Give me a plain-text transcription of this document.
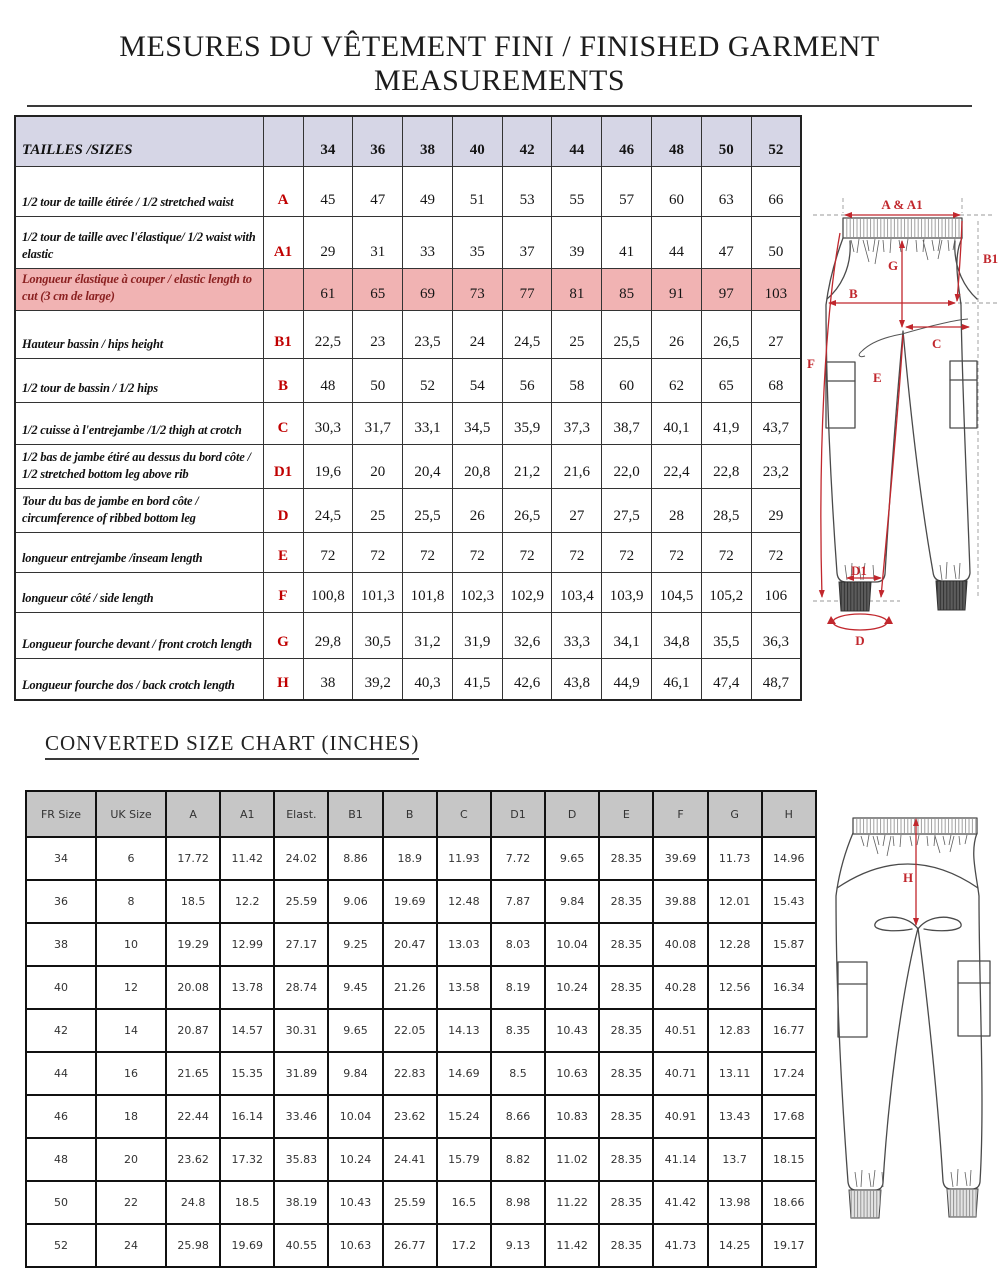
MESURES DU VÊTEMENT FINI / FINISHED GARMENT MEASUREMENTS
TAILLES /SIZES		34	36	38	40	42	44	46	48	50	52
1/2 tour de taille étirée / 1/2 stretched waist	A	45	47	49	51	53	55	57	60	63	66
1/2 tour de taille avec l'élastique/ 1/2 waist with elastic	A1	29	31	33	35	37	39	41	44	47	50
Longueur élastique à couper / elastic length to cut (3 cm de large)		61	65	69	73	77	81	85	91	97	103
Hauteur bassin / hips height	B1	22,5	23	23,5	24	24,5	25	25,5	26	26,5	27
1/2 tour de bassin / 1/2 hips	B	48	50	52	54	56	58	60	62	65	68
1/2 cuisse à l'entrejambe /1/2 thigh at crotch	C	30,3	31,7	33,1	34,5	35,9	37,3	38,7	40,1	41,9	43,7
1/2 bas de jambe étiré au dessus du bord côte / 1/2 stretched bottom leg above rib	D1	19,6	20	20,4	20,8	21,2	21,6	22,0	22,4	22,8	23,2
Tour du bas de jambe en bord côte / circumference of ribbed bottom leg	D	24,5	25	25,5	26	26,5	27	27,5	28	28,5	29
longueur entrejambe /inseam length	E	72	72	72	72	72	72	72	72	72	72
longueur côté / side length	F	100,8	101,3	101,8	102,3	102,9	103,4	103,9	104,5	105,2	106
Longueur fourche devant / front crotch length	G	29,8	30,5	31,2	31,9	32,6	33,3	34,1	34,8	35,5	36,3
Longueur fourche dos / back crotch length	H	38	39,2	40,3	41,5	42,6	43,8	44,9	46,1	47,4	48,7
A & A1
B1
G
B
C
F
E
D1
D
CONVERTED SIZE CHART (INCHES)
FR Size	UK Size	A	A1	Elast.	B1	B	C	D1	D	E	F	G	H
34	6	17.72	11.42	24.02	8.86	18.9	11.93	7.72	9.65	28.35	39.69	11.73	14.96
36	8	18.5	12.2	25.59	9.06	19.69	12.48	7.87	9.84	28.35	39.88	12.01	15.43
38	10	19.29	12.99	27.17	9.25	20.47	13.03	8.03	10.04	28.35	40.08	12.28	15.87
40	12	20.08	13.78	28.74	9.45	21.26	13.58	8.19	10.24	28.35	40.28	12.56	16.34
42	14	20.87	14.57	30.31	9.65	22.05	14.13	8.35	10.43	28.35	40.51	12.83	16.77
44	16	21.65	15.35	31.89	9.84	22.83	14.69	8.5	10.63	28.35	40.71	13.11	17.24
46	18	22.44	16.14	33.46	10.04	23.62	15.24	8.66	10.83	28.35	40.91	13.43	17.68
48	20	23.62	17.32	35.83	10.24	24.41	15.79	8.82	11.02	28.35	41.14	13.7	18.15
50	22	24.8	18.5	38.19	10.43	25.59	16.5	8.98	11.22	28.35	41.42	13.98	18.66
52	24	25.98	19.69	40.55	10.63	26.77	17.2	9.13	11.42	28.35	41.73	14.25	19.17
H
